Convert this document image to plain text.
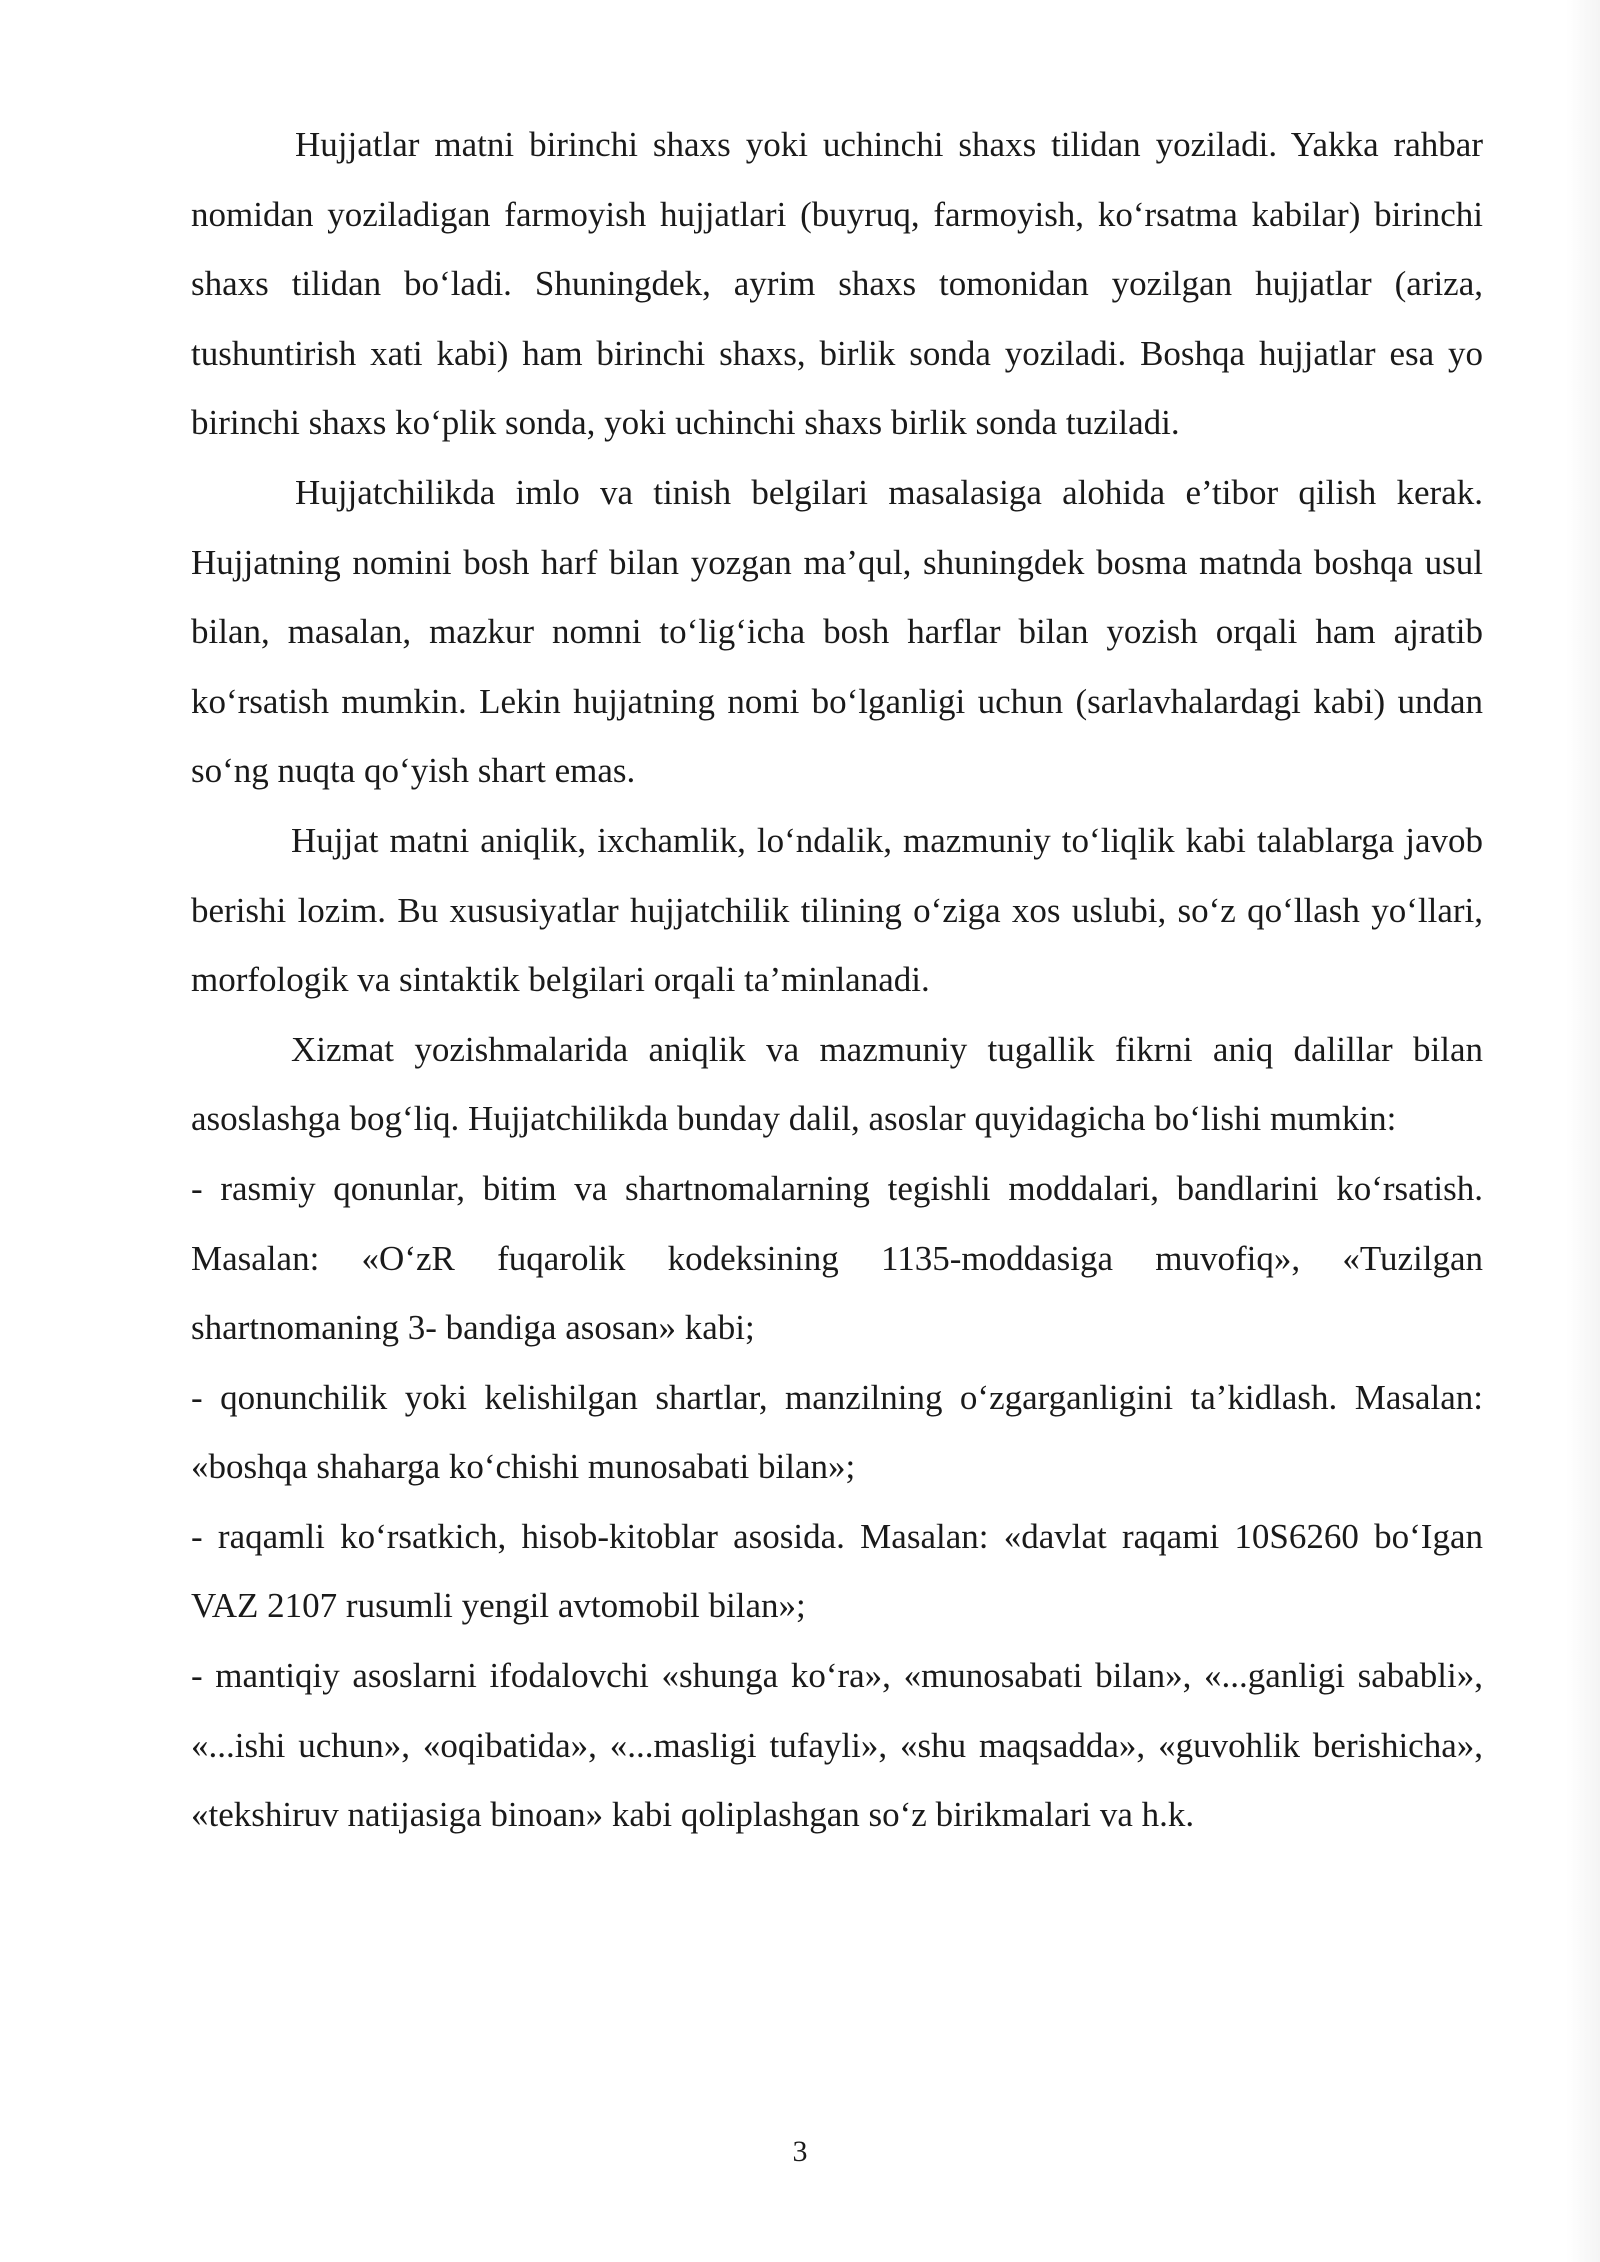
Hujjatlar matni birinchi shaxs yoki uchinchi shaxs tilidan yoziladi. Yakka rahbar nomidan yoziladigan farmoyish hujjatlari (buyruq, farmoyish, ko‘rsatma kabilar) birinchi shaxs tilidan bo‘ladi. Shuningdek, ayrim shaxs tomonidan yozilgan hujjatlar (ariza, tushuntirish xati kabi) ham birinchi shaxs, birlik sonda yoziladi. Boshqa hujjatlar esa yo birinchi shaxs ko‘plik sonda, yoki uchinchi shaxs birlik sonda tuziladi.

Hujjatchilikda imlo va tinish belgilari masalasiga alohida e’tibor qilish kerak. Hujjatning nomini bosh harf bilan yozgan ma’qul, shuningdek bosma matnda boshqa usul bilan, masalan, mazkur nomni to‘lig‘icha bosh harflar bilan yozish orqali ham ajratib ko‘rsatish mumkin. Lekin hujjatning nomi bo‘lganligi uchun (sarlavhalardagi kabi) undan so‘ng nuqta qo‘yish shart emas.

Hujjat matni aniqlik, ixchamlik, lo‘ndalik, mazmuniy to‘liqlik kabi talablarga javob berishi lozim. Bu xususiyatlar hujjatchilik tilining o‘ziga xos uslubi, so‘z qo‘llash yo‘llari, morfologik va sintaktik belgilari orqali ta’minlanadi.

Xizmat yozishmalarida aniqlik va mazmuniy tugallik fikrni aniq dalillar bilan asoslashga bog‘liq. Hujjatchilikda bunday dalil, asoslar quyidagicha bo‘lishi mumkin:

- rasmiy qonunlar, bitim va shartnomalarning tegishli moddalari, bandlarini ko‘rsatish. Masalan: «O‘zR fuqarolik kodeksining 1135-moddasiga muvofiq», «Tuzilgan shartnomaning 3- bandiga asosan» kabi;

- qonunchilik yoki kelishilgan shartlar, manzilning o‘zgarganligini ta’kidlash. Masalan: «boshqa shaharga ko‘chishi munosabati bilan»;

- raqamli ko‘rsatkich, hisob-kitoblar asosida. Masalan: «davlat raqami 10S6260 bo‘Igan VAZ 2107 rusumli yengil avtomobil bilan»;

- mantiqiy asoslarni ifodalovchi «shunga ko‘ra», «munosabati bilan», «...ganligi sababli», «...ishi uchun», «oqibatida», «...masligi tufayli», «shu maqsadda», «guvohlik berishicha», «tekshiruv natijasiga binoan» kabi qoliplashgan so‘z birikmalari va h.k.

3
